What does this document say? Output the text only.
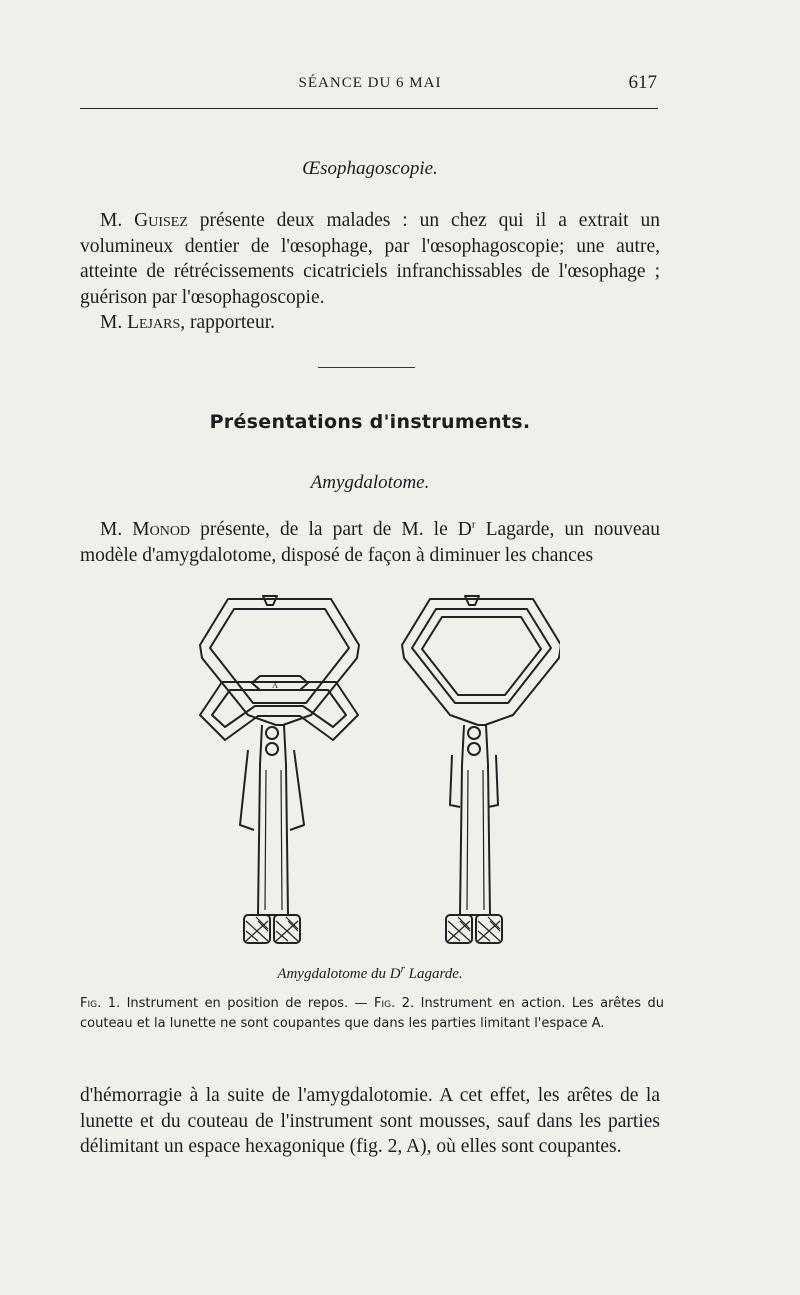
SÉANCE DU 6 MAI	617
Œsophagoscopie.

M. Guisez présente deux malades : un chez qui il a extrait un volumineux dentier de l'œsophage, par l'œsophagoscopie; une autre, atteinte de rétrécissements cicatriciels infranchissables de l'œsophage ; guérison par l'œsophagoscopie.

M. Lejars, rapporteur.

Présentations d'instruments.
Amygdalotome.

M. Monod présente, de la part de M. le $D^r$ Lagarde, un nouveau modèle d'amygdalotome, disposé de façon à diminuer les chances

A
Amygdalotome du $D^r$ Lagarde.

Fig. 1. Instrument en position de repos. — Fig. 2. Instrument en action. Les arêtes du couteau et la lunette ne sont coupantes que dans les parties limitant l'espace A.

d'hémorragie à la suite de l'amygdalotomie. A cet effet, les arêtes de la lunette et du couteau de l'instrument sont mousses, sauf dans les parties délimitant un espace hexagonique (fig. 2, A), où elles sont coupantes.
